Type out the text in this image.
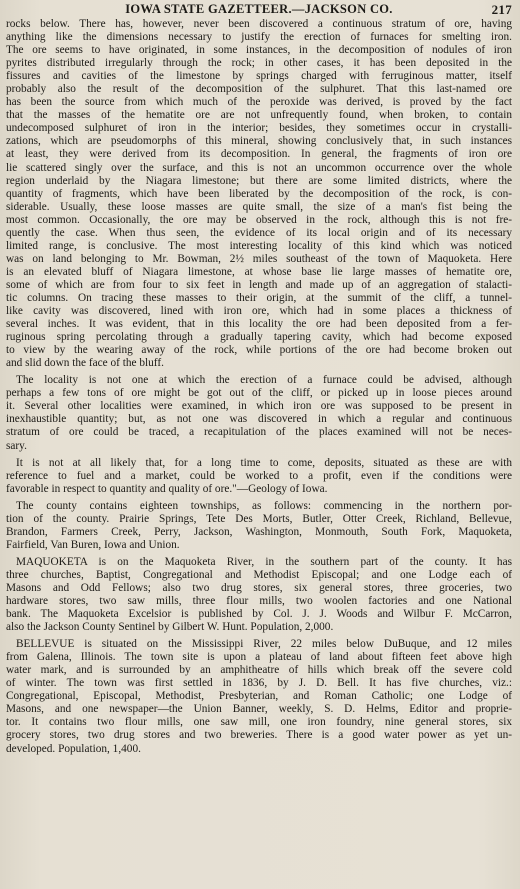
IOWA STATE GAZETTEER.—JACKSON CO.	217

rocks below. There has, however, never been discovered a continuous stratum of ore, having

anything like the dimensions necessary to justify the erection of furnaces for smelting iron.

The ore seems to have originated, in some instances, in the decomposition of nodules of iron

pyrites distributed irregularly through the rock; in other cases, it has been deposited in the

fissures and cavities of the limestone by springs charged with ferruginous matter, itself

probably also the result of the decomposition of the sulphuret. That this last-named ore

has been the source from which much of the peroxide was derived, is proved by the fact

that the masses of the hematite ore are not unfrequently found, when broken, to contain

undecomposed sulphuret of iron in the interior; besides, they sometimes occur in crystalli-

zations, which are pseudomorphs of this mineral, showing conclusively that, in such instances

at least, they were derived from its decomposition. In general, the fragments of iron ore

lie scattered singly over the surface, and this is not an uncommon occurrence over the whole

region underlaid by the Niagara limestone; but there are some limited districts, where the

quantity of fragments, which have been liberated by the decomposition of the rock, is con-

siderable. Usually, these loose masses are quite small, the size of a man's fist being the

most common. Occasionally, the ore may be observed in the rock, although this is not fre-

quently the case. When thus seen, the evidence of its local origin and of its necessary

limited range, is conclusive. The most interesting locality of this kind which was noticed

was on land belonging to Mr. Bowman, 2½ miles southeast of the town of Maquoketa. Here

is an elevated bluff of Niagara limestone, at whose base lie large masses of hematite ore,

some of which are from four to six feet in length and made up of an aggregation of stalacti-

tic columns. On tracing these masses to their origin, at the summit of the cliff, a tunnel-

like cavity was discovered, lined with iron ore, which had in some places a thickness of

several inches. It was evident, that in this locality the ore had been deposited from a fer-

ruginous spring percolating through a gradually tapering cavity, which had become exposed

to view by the wearing away of the rock, while portions of the ore had become broken out

and slid down the face of the bluff.

The locality is not one at which the erection of a furnace could be advised, although

perhaps a few tons of ore might be got out of the cliff, or picked up in loose pieces around

it. Several other localities were examined, in which iron ore was supposed to be present in

inexhaustible quantity; but, as not one was discovered in which a regular and continuous

stratum of ore could be traced, a recapitulation of the places examined will not be neces-

sary.

It is not at all likely that, for a long time to come, deposits, situated as these are with

reference to fuel and a market, could be worked to a profit, even if the conditions were

favorable in respect to quantity and quality of ore."—Geology of Iowa.

The county contains eighteen townships, as follows: commencing in the northern por-

tion of the county. Prairie Springs, Tete Des Morts, Butler, Otter Creek, Richland, Bellevue,

Brandon, Farmers Creek, Perry, Jackson, Washington, Monmouth, South Fork, Maquoketa,

Fairfield, Van Buren, Iowa and Union.

MAQUOKETA is on the Maquoketa River, in the southern part of the county. It has

three churches, Baptist, Congregational and Methodist Episcopal; and one Lodge each of

Masons and Odd Fellows; also two drug stores, six general stores, three groceries, two

hardware stores, two saw mills, three flour mills, two woolen factories and one National

bank. The Maquoketa Excelsior is published by Col. J. J. Woods and Wilbur F. McCarron,

also the Jackson County Sentinel by Gilbert W. Hunt. Population, 2,000.

BELLEVUE is situated on the Mississippi River, 22 miles below DuBuque, and 12 miles

from Galena, Illinois. The town site is upon a plateau of land about fifteen feet above high

water mark, and is surrounded by an amphitheatre of hills which break off the severe cold

of winter. The town was first settled in 1836, by J. D. Bell. It has five churches, viz.:

Congregational, Episcopal, Methodist, Presbyterian, and Roman Catholic; one Lodge of

Masons, and one newspaper—the Union Banner, weekly, S. D. Helms, Editor and proprie-

tor. It contains two flour mills, one saw mill, one iron foundry, nine general stores, six

grocery stores, two drug stores and two breweries. There is a good water power as yet un-

developed. Population, 1,400.
